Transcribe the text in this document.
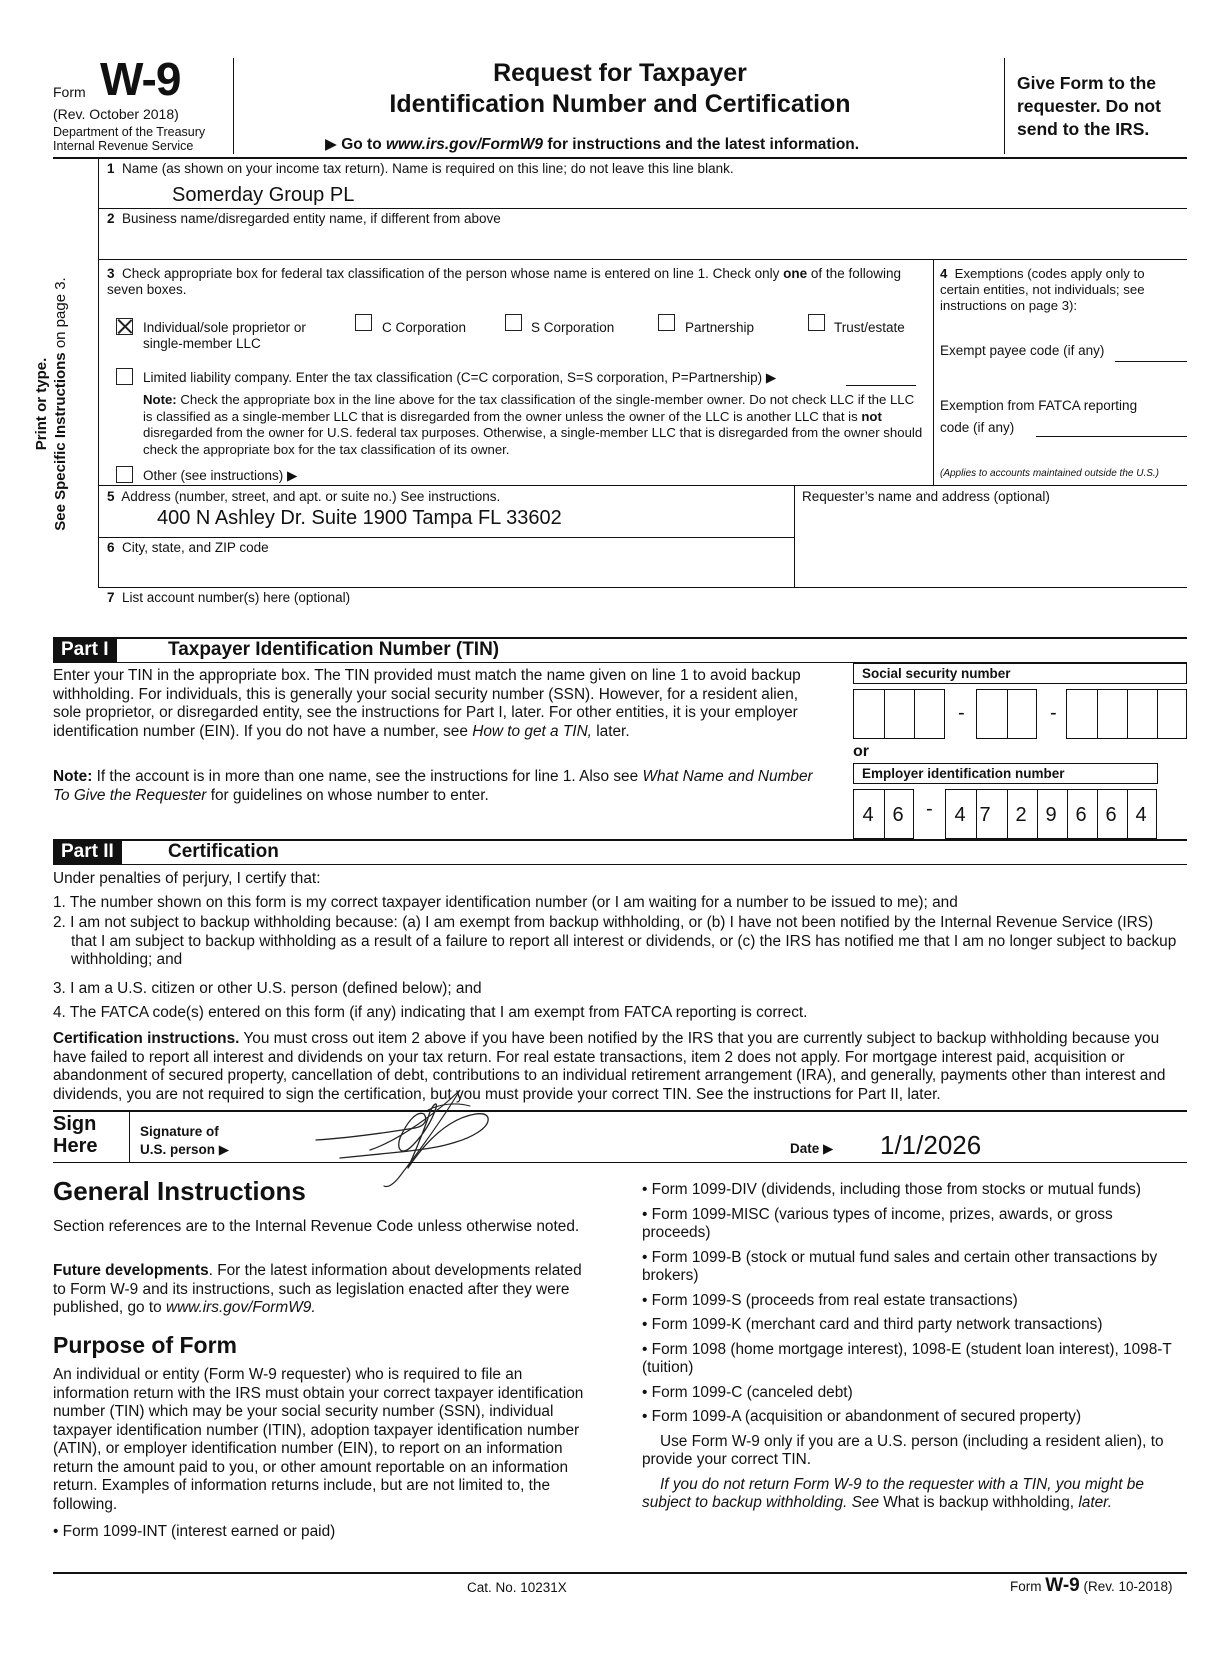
Form W-9
(Rev. October 2018)
Department of the Treasury
Internal Revenue Service
Request for Taxpayer
Identification Number and Certification
▶ Go to www.irs.gov/FormW9 for instructions and the latest information.
Give Form to the requester. Do not send to the IRS.
Print or type. See Specific Instructions on page 3.
1 Name (as shown on your income tax return). Name is required on this line; do not leave this line blank.
Somerday Group PL
2 Business name/disregarded entity name, if different from above
3 Check appropriate box for federal tax classification of the person whose name is entered on line 1. Check only one of the following seven boxes.
Individual/sole proprietor or single-member LLC
C Corporation	S Corporation	Partnership	Trust/estate
Limited liability company. Enter the tax classification (C=C corporation, S=S corporation, P=Partnership) ▶
Note: Check the appropriate box in the line above for the tax classification of the single-member owner. Do not check LLC if the LLC is classified as a single-member LLC that is disregarded from the owner unless the owner of the LLC is another LLC that is not disregarded from the owner for U.S. federal tax purposes. Otherwise, a single-member LLC that is disregarded from the owner should check the appropriate box for the tax classification of its owner.
Other (see instructions) ▶
4 Exemptions (codes apply only to certain entities, not individuals; see instructions on page 3):
Exempt payee code (if any)
Exemption from FATCA reporting
code (if any)
(Applies to accounts maintained outside the U.S.)
5 Address (number, street, and apt. or suite no.) See instructions.
400 N Ashley Dr. Suite 1900 Tampa FL 33602
Requester’s name and address (optional)
6 City, state, and ZIP code
7 List account number(s) here (optional)
Part I	Taxpayer Identification Number (TIN)
Enter your TIN in the appropriate box. The TIN provided must match the name given on line 1 to avoid backup withholding. For individuals, this is generally your social security number (SSN). However, for a resident alien, sole proprietor, or disregarded entity, see the instructions for Part I, later. For other entities, it is your employer identification number (EIN). If you do not have a number, see How to get a TIN, later.
Note: If the account is in more than one name, see the instructions for line 1. Also see What Name and Number To Give the Requester for guidelines on whose number to enter.
Social security number
-	-
or
Employer identification number
4 6	-	4 7	2 9 6 6 4
Part II	Certification
Under penalties of perjury, I certify that:
1. The number shown on this form is my correct taxpayer identification number (or I am waiting for a number to be issued to me); and
2. I am not subject to backup withholding because: (a) I am exempt from backup withholding, or (b) I have not been notified by the Internal Revenue Service (IRS) that I am subject to backup withholding as a result of a failure to report all interest or dividends, or (c) the IRS has notified me that I am no longer subject to backup withholding; and
3. I am a U.S. citizen or other U.S. person (defined below); and
4. The FATCA code(s) entered on this form (if any) indicating that I am exempt from FATCA reporting is correct.
Certification instructions. You must cross out item 2 above if you have been notified by the IRS that you are currently subject to backup withholding because you have failed to report all interest and dividends on your tax return. For real estate transactions, item 2 does not apply. For mortgage interest paid, acquisition or abandonment of secured property, cancellation of debt, contributions to an individual retirement arrangement (IRA), and generally, payments other than interest and dividends, you are not required to sign the certification, but you must provide your correct TIN. See the instructions for Part II, later.
Sign
Here
Signature of
U.S. person ▶	Date ▶ 1/1/2026
General Instructions
Section references are to the Internal Revenue Code unless otherwise noted.
Future developments. For the latest information about developments related to Form W-9 and its instructions, such as legislation enacted after they were published, go to www.irs.gov/FormW9.
Purpose of Form
An individual or entity (Form W-9 requester) who is required to file an information return with the IRS must obtain your correct taxpayer identification number (TIN) which may be your social security number (SSN), individual taxpayer identification number (ITIN), adoption taxpayer identification number (ATIN), or employer identification number (EIN), to report on an information return the amount paid to you, or other amount reportable on an information return. Examples of information returns include, but are not limited to, the following.
• Form 1099-INT (interest earned or paid)

• Form 1099-DIV (dividends, including those from stocks or mutual funds)

• Form 1099-MISC (various types of income, prizes, awards, or gross proceeds)

• Form 1099-B (stock or mutual fund sales and certain other transactions by brokers)

• Form 1099-S (proceeds from real estate transactions)

• Form 1099-K (merchant card and third party network transactions)

• Form 1098 (home mortgage interest), 1098-E (student loan interest), 1098-T (tuition)

• Form 1099-C (canceled debt)

• Form 1099-A (acquisition or abandonment of secured property)

Use Form W-9 only if you are a U.S. person (including a resident alien), to provide your correct TIN.

If you do not return Form W-9 to the requester with a TIN, you might be subject to backup withholding. See What is backup withholding, later.

Cat. No. 10231X	Form W-9 (Rev. 10-2018)
